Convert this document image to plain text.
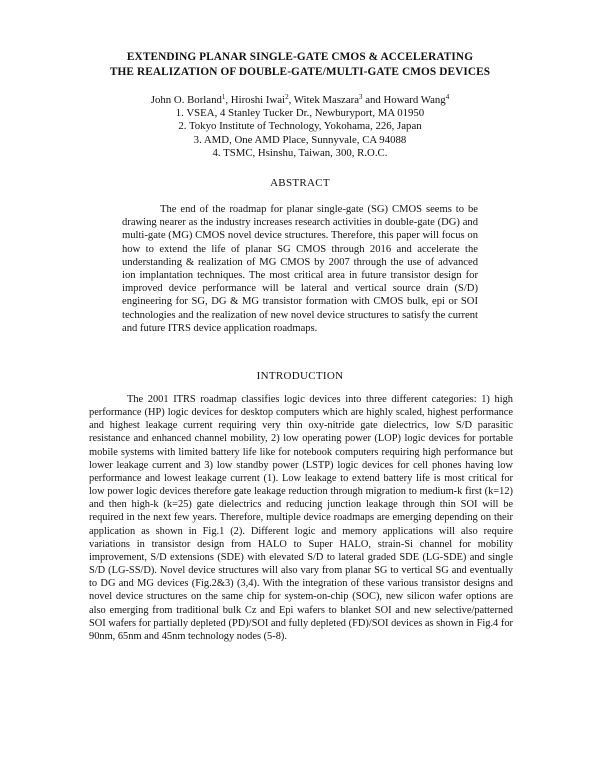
EXTENDING PLANAR SINGLE-GATE CMOS & ACCELERATING
THE REALIZATION OF DOUBLE-GATE/MULTI-GATE CMOS DEVICES
John O. Borland$^1$, Hiroshi Iwai$^2$, Witek Maszara$^3$ and Howard Wang$^4$
1. VSEA, 4 Stanley Tucker Dr., Newburyport, MA 01950
2. Tokyo Institute of Technology, Yokohama, 226, Japan
3. AMD, One AMD Place, Sunnyvale, CA 94088
4. TSMC, Hsinshu, Taiwan, 300, R.O.C.
ABSTRACT

The end of the roadmap for planar single-gate (SG) CMOS seems to be drawing nearer as the industry increases research activities in double-gate (DG) and multi-gate (MG) CMOS novel device structures. Therefore, this paper will focus on how to extend the life of planar SG CMOS through 2016 and accelerate the understanding & realization of MG CMOS by 2007 through the use of advanced ion implantation techniques. The most critical area in future transistor design for improved device performance will be lateral and vertical source drain (S/D) engineering for SG, DG & MG transistor formation with CMOS bulk, epi or SOI technologies and the realization of new novel device structures to satisfy the current and future ITRS device application roadmaps.

INTRODUCTION

The 2001 ITRS roadmap classifies logic devices into three different categories: 1) high performance (HP) logic devices for desktop computers which are highly scaled, highest performance and highest leakage current requiring very thin oxy-nitride gate dielectrics, low S/D parasitic resistance and enhanced channel mobility, 2) low operating power (LOP) logic devices for portable mobile systems with limited battery life like for notebook computers requiring high performance but lower leakage current and 3) low standby power (LSTP) logic devices for cell phones having low performance and lowest leakage current (1). Low leakage to extend battery life is most critical for low power logic devices therefore gate leakage reduction through migration to medium-k first (k=12) and then high-k (k=25) gate dielectrics and reducing junction leakage through thin SOI will be required in the next few years. Therefore, multiple device roadmaps are emerging depending on their application as shown in Fig.1 (2). Different logic and memory applications will also require variations in transistor design from HALO to Super HALO, strain-Si channel for mobility improvement, S/D extensions (SDE) with elevated S/D to lateral graded SDE (LG-SDE) and single S/D (LG-SS/D). Novel device structures will also vary from planar SG to vertical SG and eventually to DG and MG devices (Fig.2&3) (3,4). With the integration of these various transistor designs and novel device structures on the same chip for system-on-chip (SOC), new silicon wafer options are also emerging from traditional bulk Cz and Epi wafers to blanket SOI and new selective/patterned SOI wafers for partially depleted (PD)/SOI and fully depleted (FD)/SOI devices as shown in Fig.4 for 90nm, 65nm and 45nm technology nodes (5-8).
